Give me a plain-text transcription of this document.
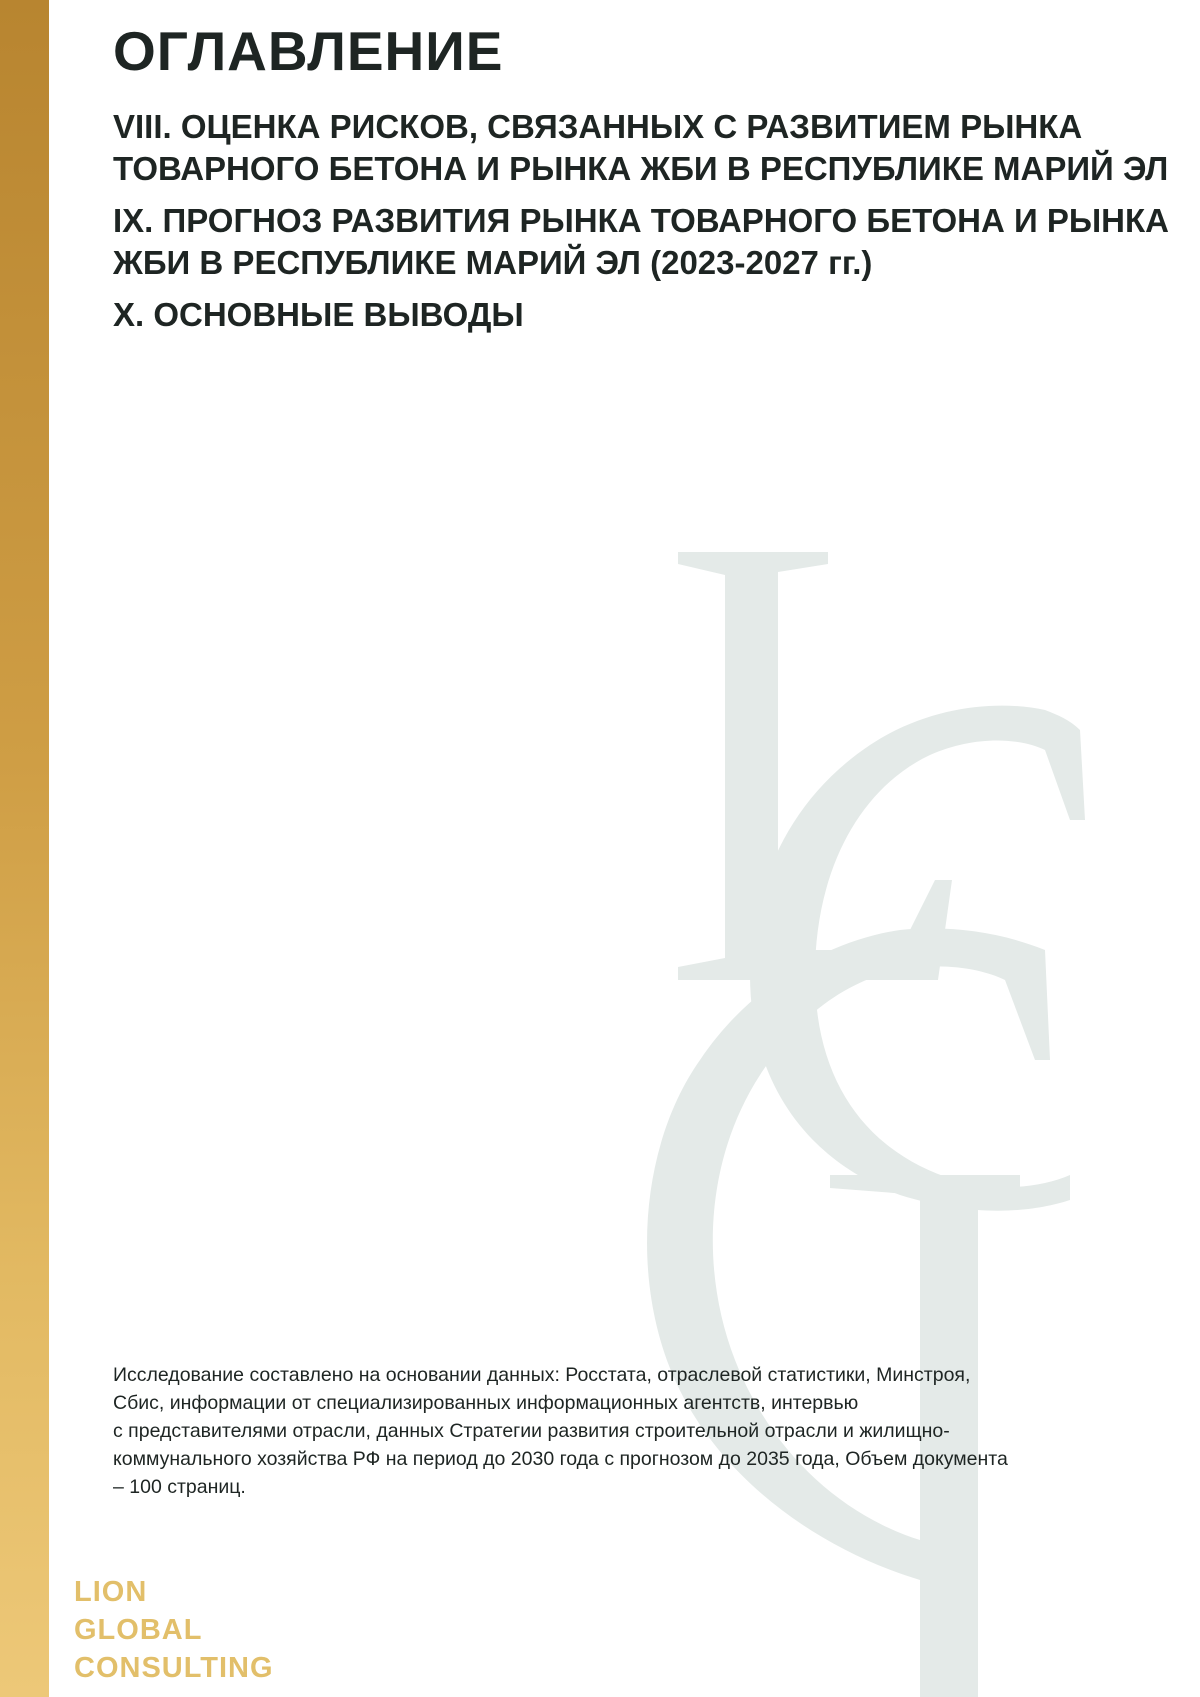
ОГЛАВЛЕНИЕ
VIII. ОЦЕНКА РИСКОВ, СВЯЗАННЫХ С РАЗВИТИЕМ РЫНКА ТОВАРНОГО БЕТОНА И РЫНКА ЖБИ В РЕСПУБЛИКЕ МАРИЙ ЭЛ
IX. ПРОГНОЗ РАЗВИТИЯ РЫНКА ТОВАРНОГО БЕТОНА И РЫНКА ЖБИ В РЕСПУБЛИКЕ МАРИЙ ЭЛ (2023-2027 гг.)
X. ОСНОВНЫЕ ВЫВОДЫ

Исследование составлено на основании данных: Росстата, отраслевой статистики, Минстроя,
Сбис, информации от специализированных информационных агентств, интервью
с представителями отрасли, данных Стратегии развития строительной отрасли и жилищно-
коммунального хозяйства РФ на период до 2030 года с прогнозом до 2035 года, Объем документа
– 100 страниц.

LION
GLOBAL
CONSULTING
